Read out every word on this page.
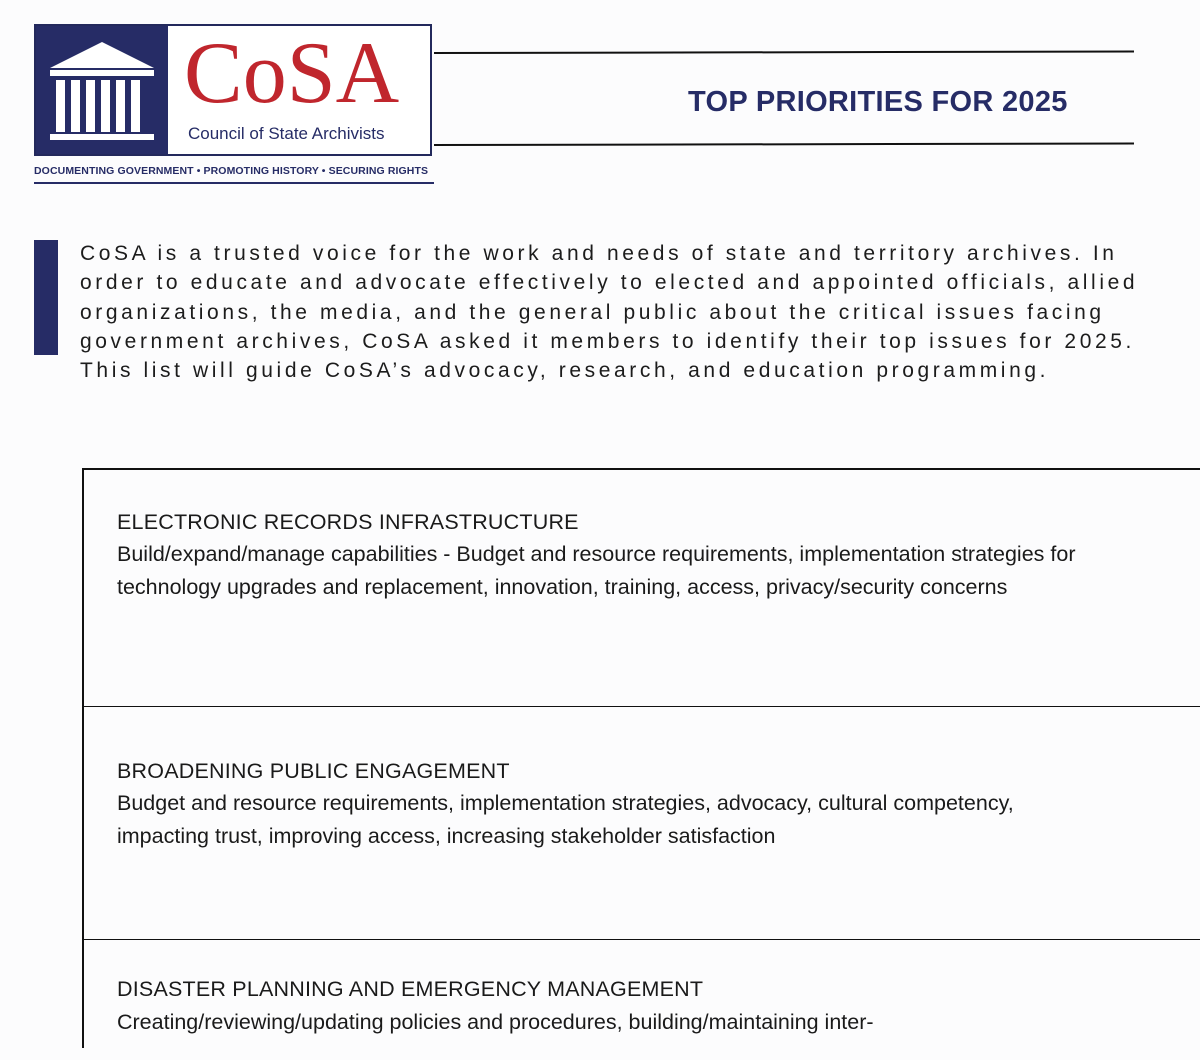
CoSA
Council of State Archivists
DOCUMENTING GOVERNMENT • PROMOTING HISTORY • SECURING RIGHTS
TOP PRIORITIES FOR 2025

CoSA is a trusted voice for the work and needs of state and territory archives. In order to educate and advocate effectively to elected and appointed officials, allied organizations, the media, and the general public about the critical issues facing government archives, CoSA asked it members to identify their top issues for 2025. This list will guide CoSA’s advocacy, research, and education programming.

ELECTRONIC RECORDS INFRASTRUCTURE

Build/expand/manage capabilities - Budget and resource requirements, implementation strategies for technology upgrades and replacement, innovation, training, access, privacy/security concerns

BROADENING PUBLIC ENGAGEMENT

Budget and resource requirements, implementation strategies, advocacy, cultural competency, impacting trust, improving access, increasing stakeholder satisfaction

DISASTER PLANNING AND EMERGENCY MANAGEMENT

Creating/reviewing/updating policies and procedures, building/maintaining inter-
